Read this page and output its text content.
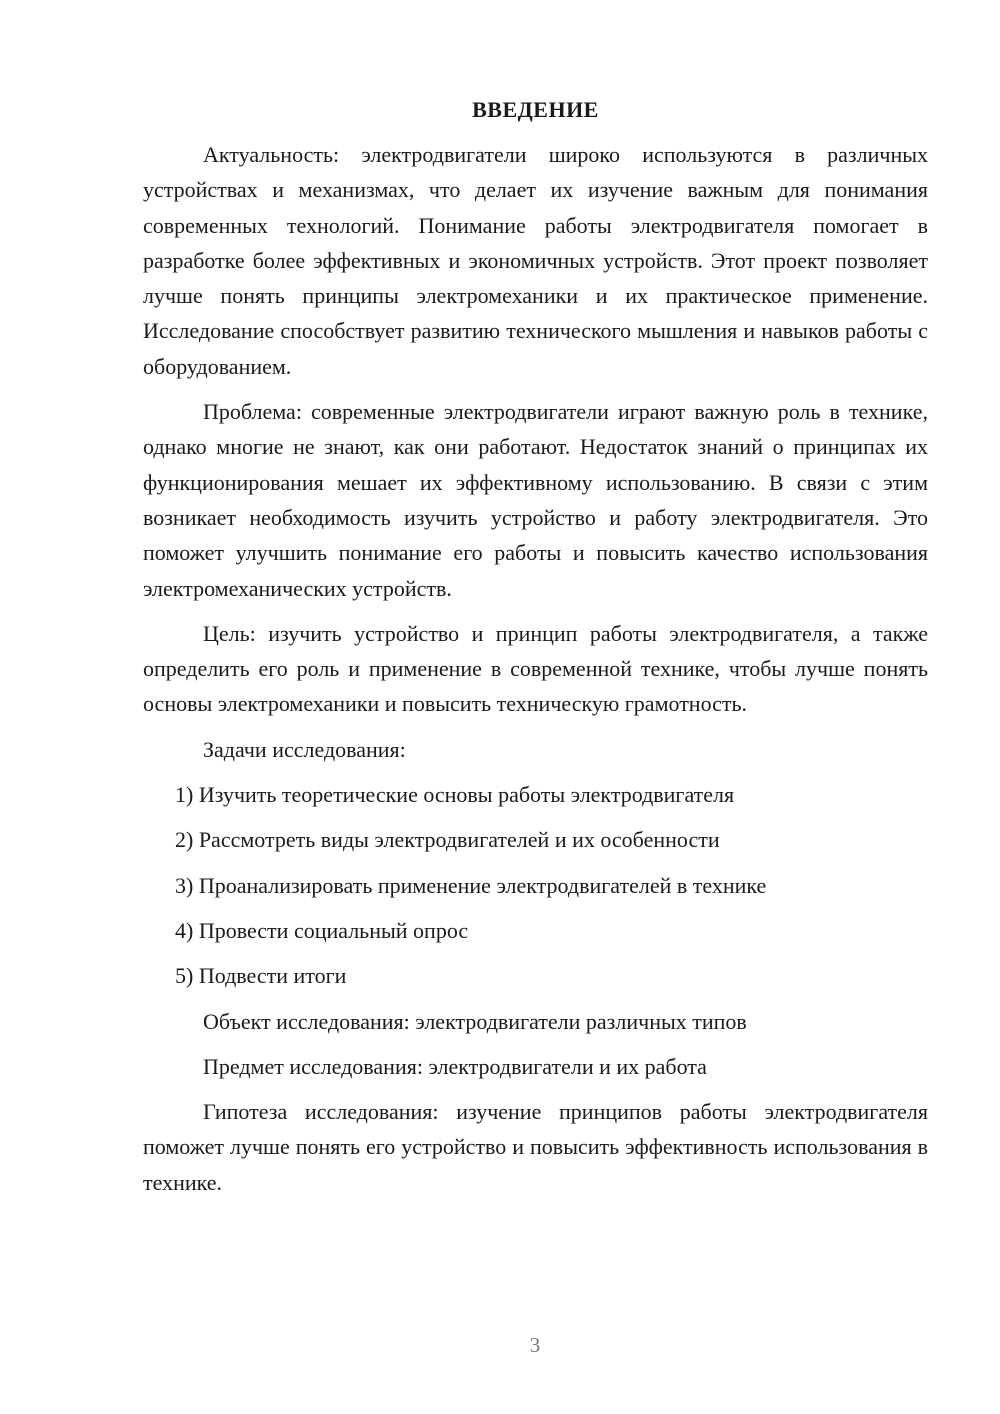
ВВЕДЕНИЕ

Актуальность: электродвигатели широко используются в различных устройствах и механизмах, что делает их изучение важным для понимания современных технологий. Понимание работы электродвигателя помогает в разработке более эффективных и экономичных устройств. Этот проект позволяет лучше понять принципы электромеханики и их практическое применение. Исследование способствует развитию технического мышления и навыков работы с оборудованием.

Проблема: современные электродвигатели играют важную роль в технике, однако многие не знают, как они работают. Недостаток знаний о принципах их функционирования мешает их эффективному использованию. В связи с этим возникает необходимость изучить устройство и работу электродвигателя. Это поможет улучшить понимание его работы и повысить качество использования электромеханических устройств.

Цель: изучить устройство и принцип работы электродвигателя, а также определить его роль и применение в современной технике, чтобы лучше понять основы электромеханики и повысить техническую грамотность.

Задачи исследования:
1) Изучить теоретические основы работы электродвигателя
2) Рассмотреть виды электродвигателей и их особенности
3) Проанализировать применение электродвигателей в технике
4) Провести социальный опрос
5) Подвести итоги
Объект исследования: электродвигатели различных типов
Предмет исследования: электродвигатели и их работа

Гипотеза исследования: изучение принципов работы электродвигателя поможет лучше понять его устройство и повысить эффективность использования в технике.

3
